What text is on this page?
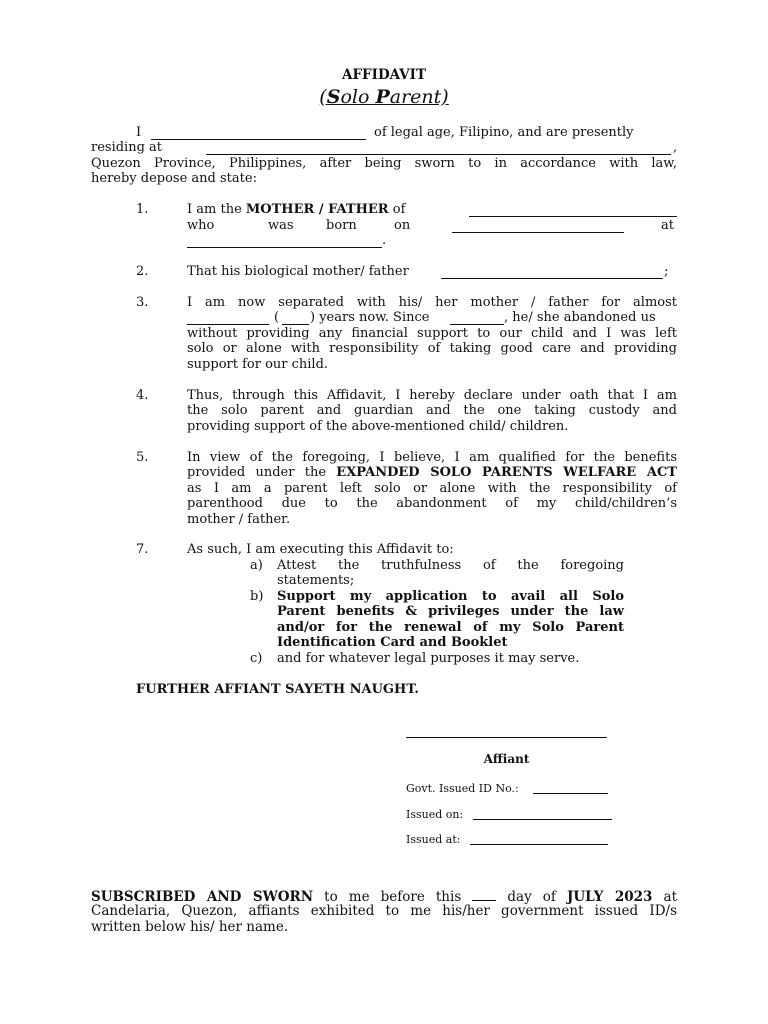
AFFIDAVIT
(Solo Parent)
I	of legal age, Filipino, and are presently
residing at	,
Quezon Province, Philippines, after being sworn to in accordance with law,
hereby depose and state:
1.	I am the MOTHER / FATHER of
who	was born	on	at
.
2.	That his biological mother/ father	;
3.	I am now separated with his/ her mother / father for almost
( ) years now. Since	, he/ she abandoned us
without providing any financial support to our child and I was left
solo or alone with responsibility of taking good care and providing
support for our child.
4.	Thus, through this Affidavit, I hereby declare under oath that I am
the solo parent and guardian and the one taking custody and
providing support of the above-mentioned child/ children.
5.	In view of the foregoing, I believe, I am qualified for the benefits
provided under the EXPANDED SOLO PARENTS WELFARE ACT
as I am a parent left solo or alone with the responsibility of
parenthood due to the abandonment of my child/children’s
mother / father.
7.	As such, I am executing this Affidavit to:
a) Attest the truthfulness of the foregoing
statements;
b) Support my application to avail all Solo
Parent benefits & privileges under the law
and/or for the renewal of my Solo Parent
Identification Card and Booklet
c) and for whatever legal purposes it may serve.
FURTHER AFFIANT SAYETH NAUGHT.
Affiant
Govt. Issued ID No.:
Issued on:
Issued at:
SUBSCRIBED AND SWORN to me before this  day of JULY 2023 at
Candelaria, Quezon, affiants exhibited to me his/her government issued ID/s
written below his/ her name.
